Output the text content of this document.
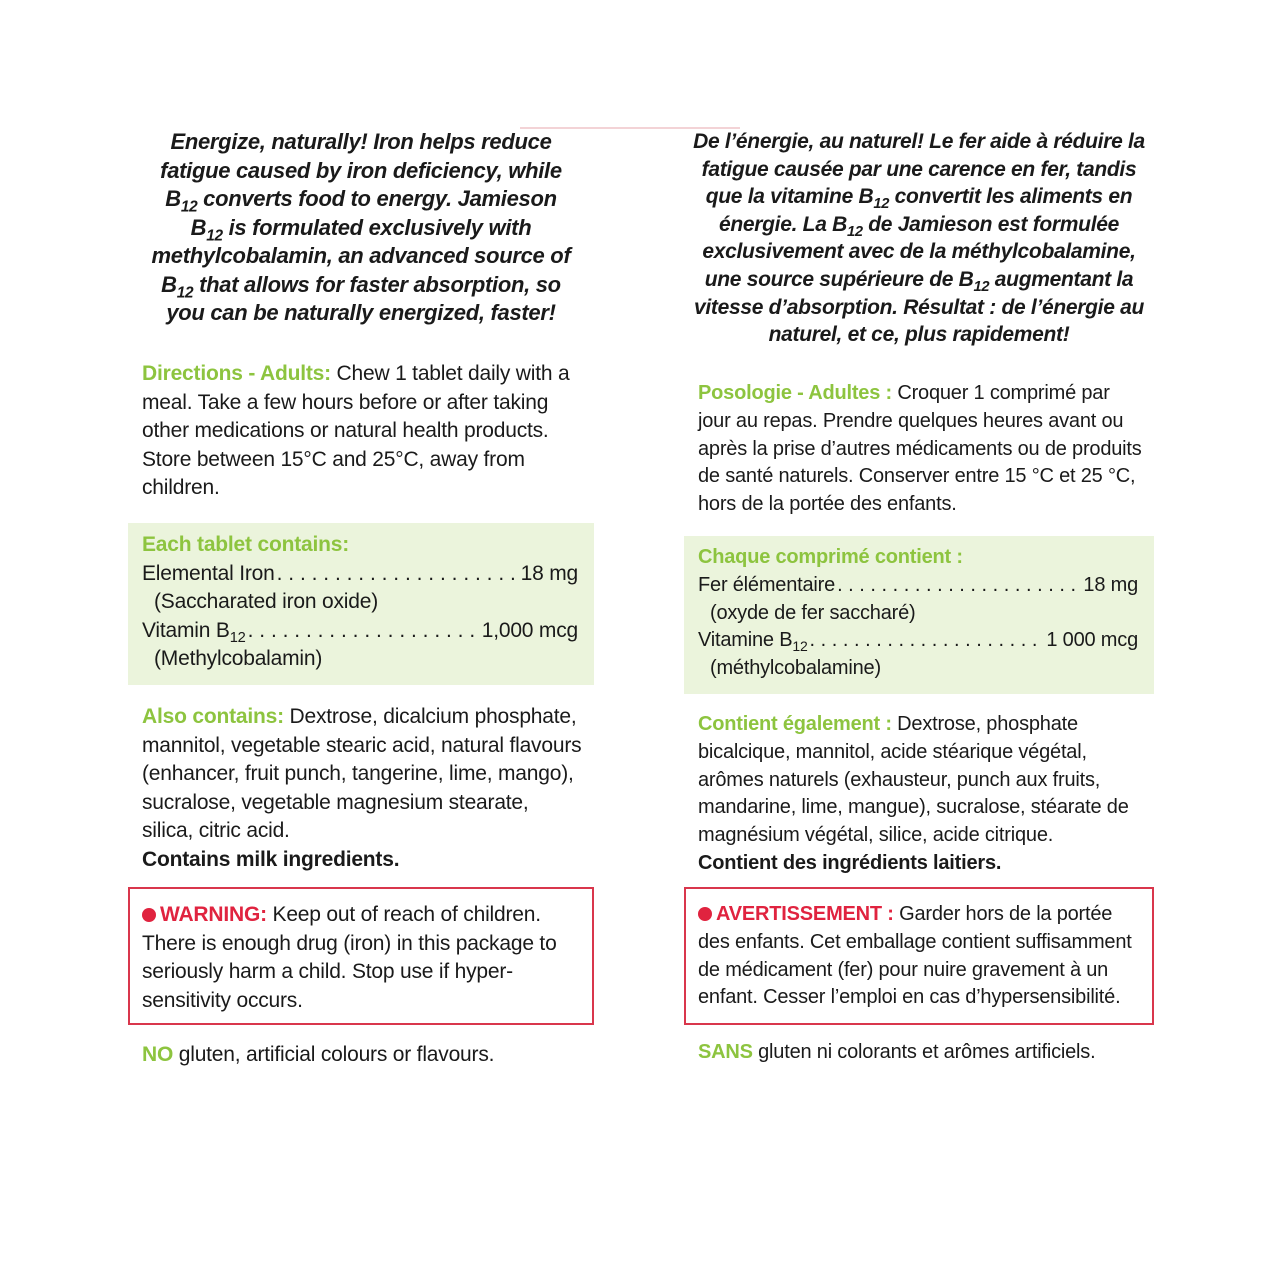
Energize, naturally! Iron helps reduce

fatigue caused by iron deficiency, while

$B_{12}$ converts food to energy. Jamieson

$B_{12}$ is formulated exclusively with

methylcobalamin, an advanced source of

$B_{12}$ that allows for faster absorption, so

you can be naturally energized, faster!

Directions - Adults: Chew 1 tablet daily with a meal. Take a few hours before or after taking other medications or natural health products. Store between 15°C and 25°C, away from children.
Each tablet contains:
Elemental Iron . . .	18 mg
(Saccharated iron oxide)
Vitamin $B_{12}$ . . .	1,000 mcg
(Methylcobalamin)
Also contains: Dextrose, dicalcium phosphate, mannitol, vegetable stearic acid, natural flavours (enhancer, fruit punch, tangerine, lime, mango), sucralose, vegetable magnesium stearate, silica, citric acid.
Contains milk ingredients.
WARNING: Keep out of reach of children. There is enough drug (iron) in this package to seriously harm a child. Stop use if hyper-sensitivity occurs.
NO gluten, artificial colours or flavours.

De l’énergie, au naturel! Le fer aide à réduire la

fatigue causée par une carence en fer, tandis

que la vitamine $B_{12}$ convertit les aliments en

énergie. La $B_{12}$ de Jamieson est formulée

exclusivement avec de la méthylcobalamine,

une source supérieure de $B_{12}$ augmentant la

vitesse d’absorption. Résultat : de l’énergie au

naturel, et ce, plus rapidement!

Posologie - Adultes : Croquer 1 comprimé par jour au repas. Prendre quelques heures avant ou après la prise d’autres médicaments ou de produits de santé naturels. Conserver entre 15 °C et 25 °C, hors de la portée des enfants.
Chaque comprimé contient :
Fer élémentaire . . .	18 mg
(oxyde de fer saccharé)
Vitamine $B_{12}$ . . .	1 000 mcg
(méthylcobalamine)
Contient également : Dextrose, phosphate bicalcique, mannitol, acide stéarique végétal, arômes naturels (exhausteur, punch aux fruits, mandarine, lime, mangue), sucralose, stéarate de magnésium végétal, silice, acide citrique.
Contient des ingrédients laitiers.
AVERTISSEMENT : Garder hors de la portée des enfants. Cet emballage contient suffisamment de médicament (fer) pour nuire gravement à un enfant. Cesser l’emploi en cas d’hypersensibilité.
SANS gluten ni colorants et arômes artificiels.
